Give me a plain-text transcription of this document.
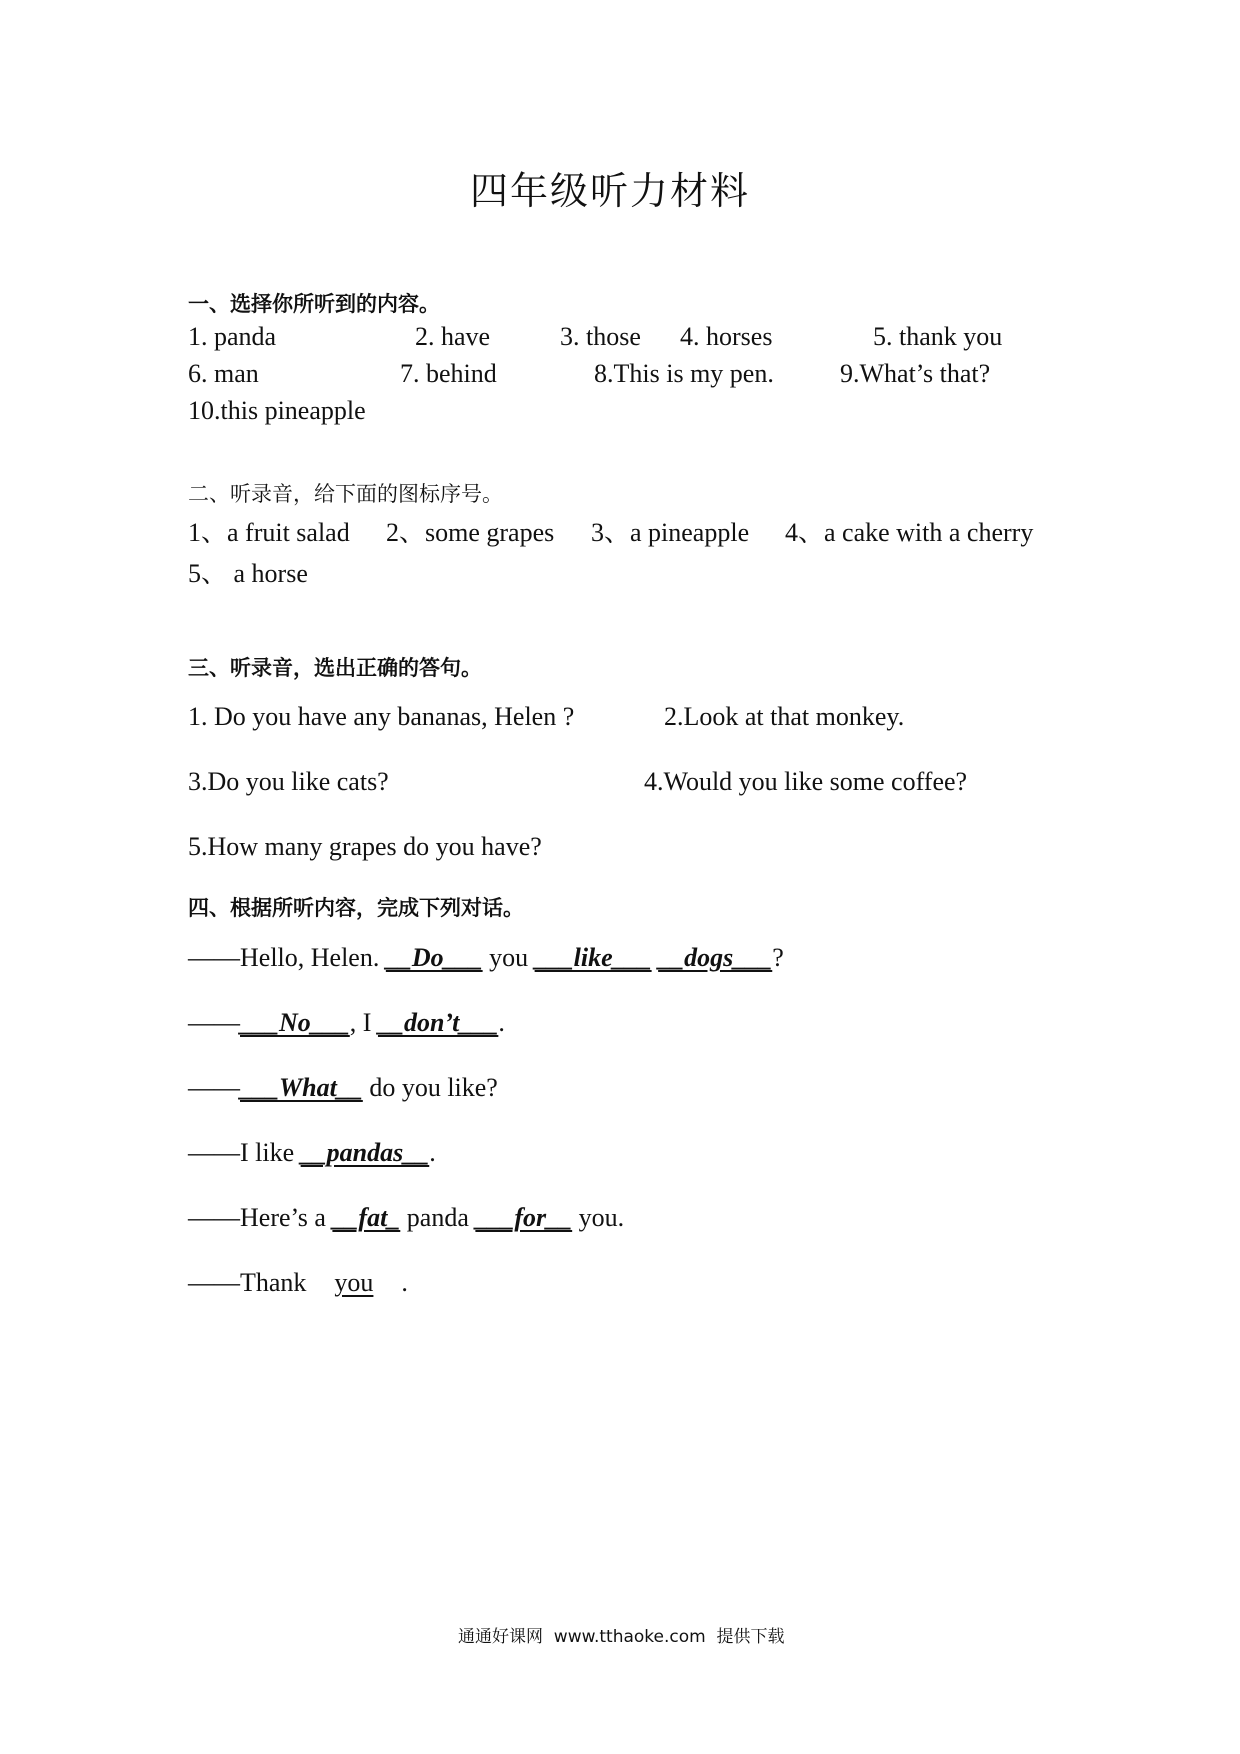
四年级听力材料
一、选择你所听到的内容。
1. panda	2. have	3. those 4. horses	5. thank you
6. man	7. behind	8.This is my pen.	9.What’s that?
10.this pineapple
二、听录音，给下面的图标序号。
1、a fruit salad 2、some grapes 3、a pineapple 4、a cake with a cherry
5、 a horse
三、听录音，选出正确的答句。
1. Do you have any bananas, Helen ?	2.Look at that monkey.
3.Do you like cats?	4.Would you like some coffee?
5.How many grapes do you have?
四、根据所听内容，完成下列对话。
——Hello, Helen. __Do___ you ___like___ __dogs___?
——___No___, I __don’t___.
——___What__ do you like?
——I like __pandas__.
——Here’s a __fat_ panda ___for__ you.
——Thank you .
通通好课网  www.tthaoke.com  提供下载
